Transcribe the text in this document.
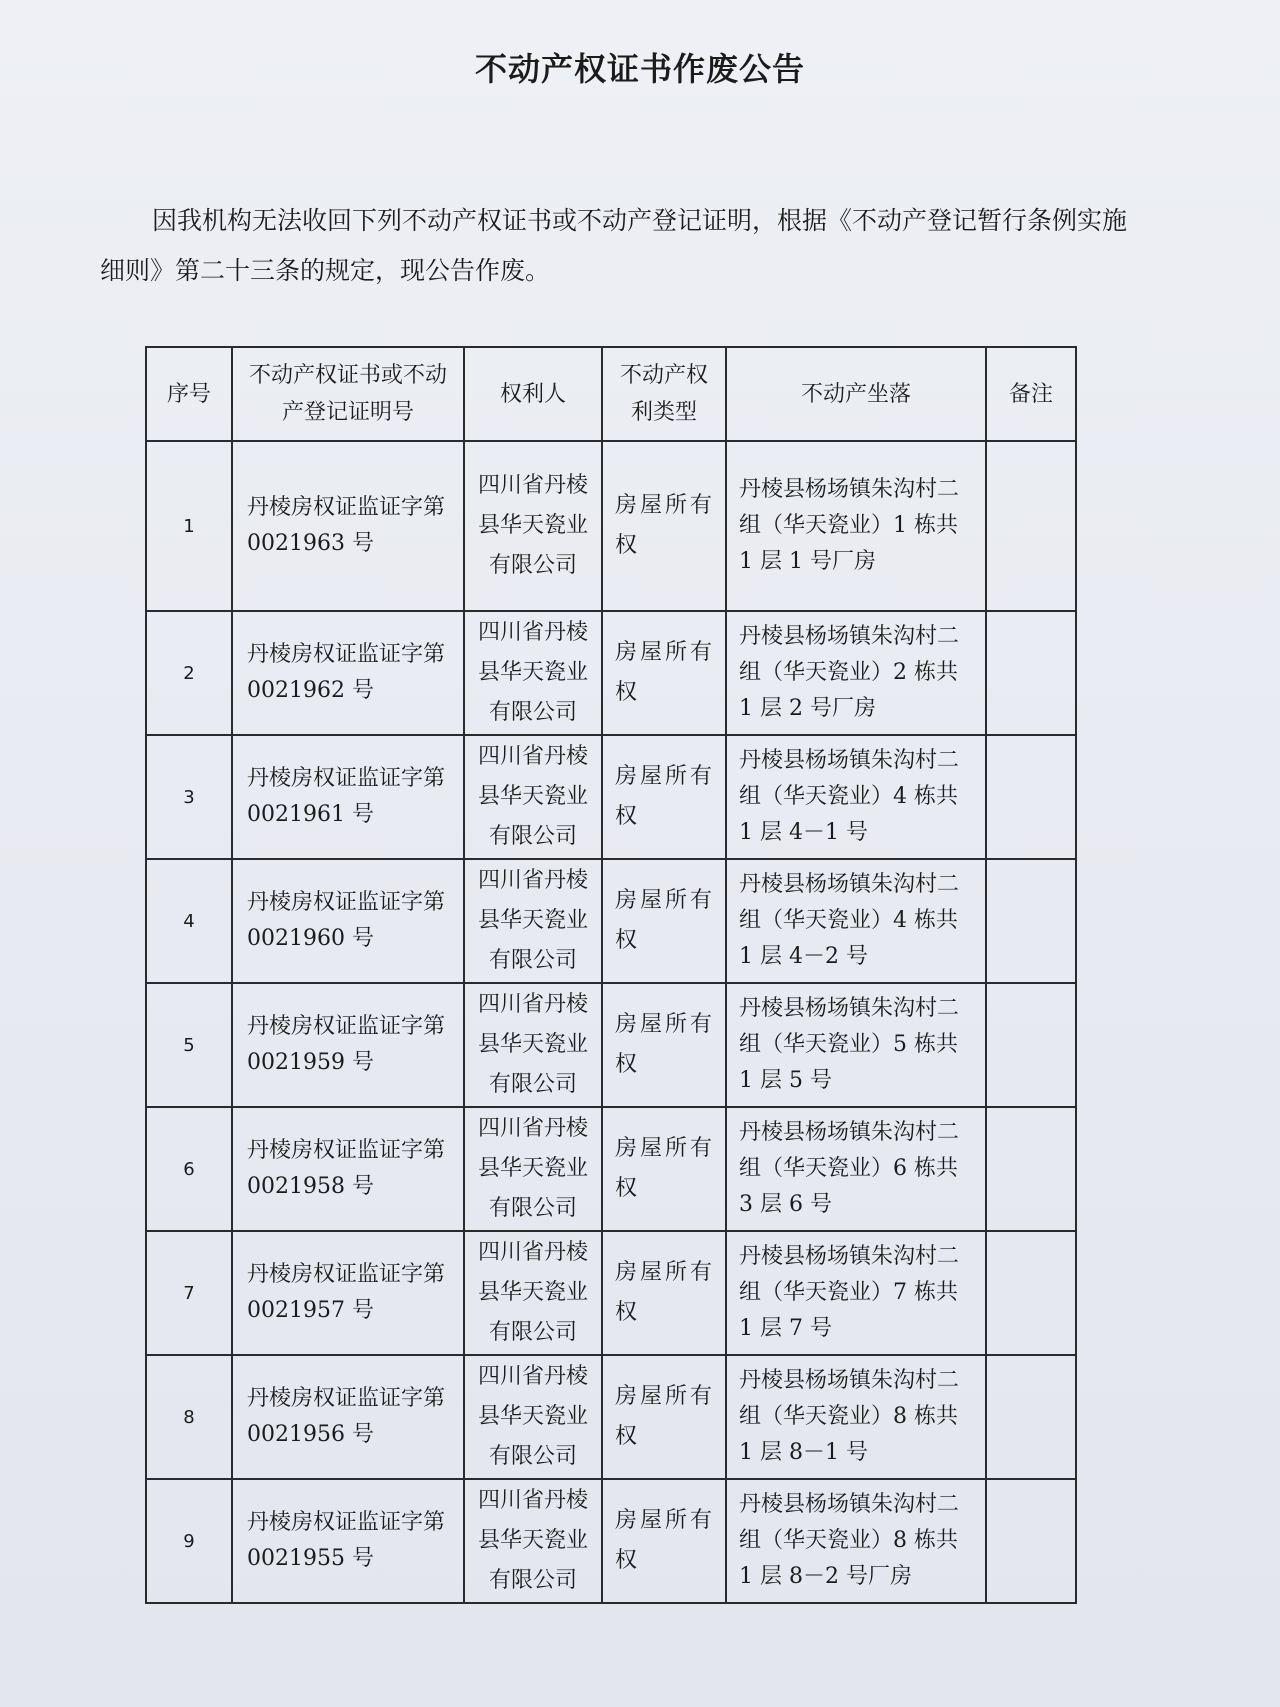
不动产权证书作废公告
因我机构无法收回下列不动产权证书或不动产登记证明，根据《不动产登记暂行条例实施细则》第二十三条的规定，现公告作废。
序号	不动产权证书或不动产登记证明号	权利人	不动产权利类型	不动产坐落	备注
1	丹棱房权证监证字第 0021963 号	四川省丹棱县华天瓷业有限公司	房屋所有权	丹棱县杨场镇朱沟村二组（华天瓷业）1 栋共 1 层 1 号厂房	
2	丹棱房权证监证字第 0021962 号	四川省丹棱县华天瓷业有限公司	房屋所有权	丹棱县杨场镇朱沟村二组（华天瓷业）2 栋共 1 层 2 号厂房	
3	丹棱房权证监证字第 0021961 号	四川省丹棱县华天瓷业有限公司	房屋所有权	丹棱县杨场镇朱沟村二组（华天瓷业）4 栋共 1 层 4－1 号	
4	丹棱房权证监证字第 0021960 号	四川省丹棱县华天瓷业有限公司	房屋所有权	丹棱县杨场镇朱沟村二组（华天瓷业）4 栋共 1 层 4－2 号	
5	丹棱房权证监证字第 0021959 号	四川省丹棱县华天瓷业有限公司	房屋所有权	丹棱县杨场镇朱沟村二组（华天瓷业）5 栋共 1 层 5 号	
6	丹棱房权证监证字第 0021958 号	四川省丹棱县华天瓷业有限公司	房屋所有权	丹棱县杨场镇朱沟村二组（华天瓷业）6 栋共 3 层 6 号	
7	丹棱房权证监证字第 0021957 号	四川省丹棱县华天瓷业有限公司	房屋所有权	丹棱县杨场镇朱沟村二组（华天瓷业）7 栋共 1 层 7 号	
8	丹棱房权证监证字第 0021956 号	四川省丹棱县华天瓷业有限公司	房屋所有权	丹棱县杨场镇朱沟村二组（华天瓷业）8 栋共 1 层 8－1 号	
9	丹棱房权证监证字第 0021955 号	四川省丹棱县华天瓷业有限公司	房屋所有权	丹棱县杨场镇朱沟村二组（华天瓷业）8 栋共 1 层 8－2 号厂房	
